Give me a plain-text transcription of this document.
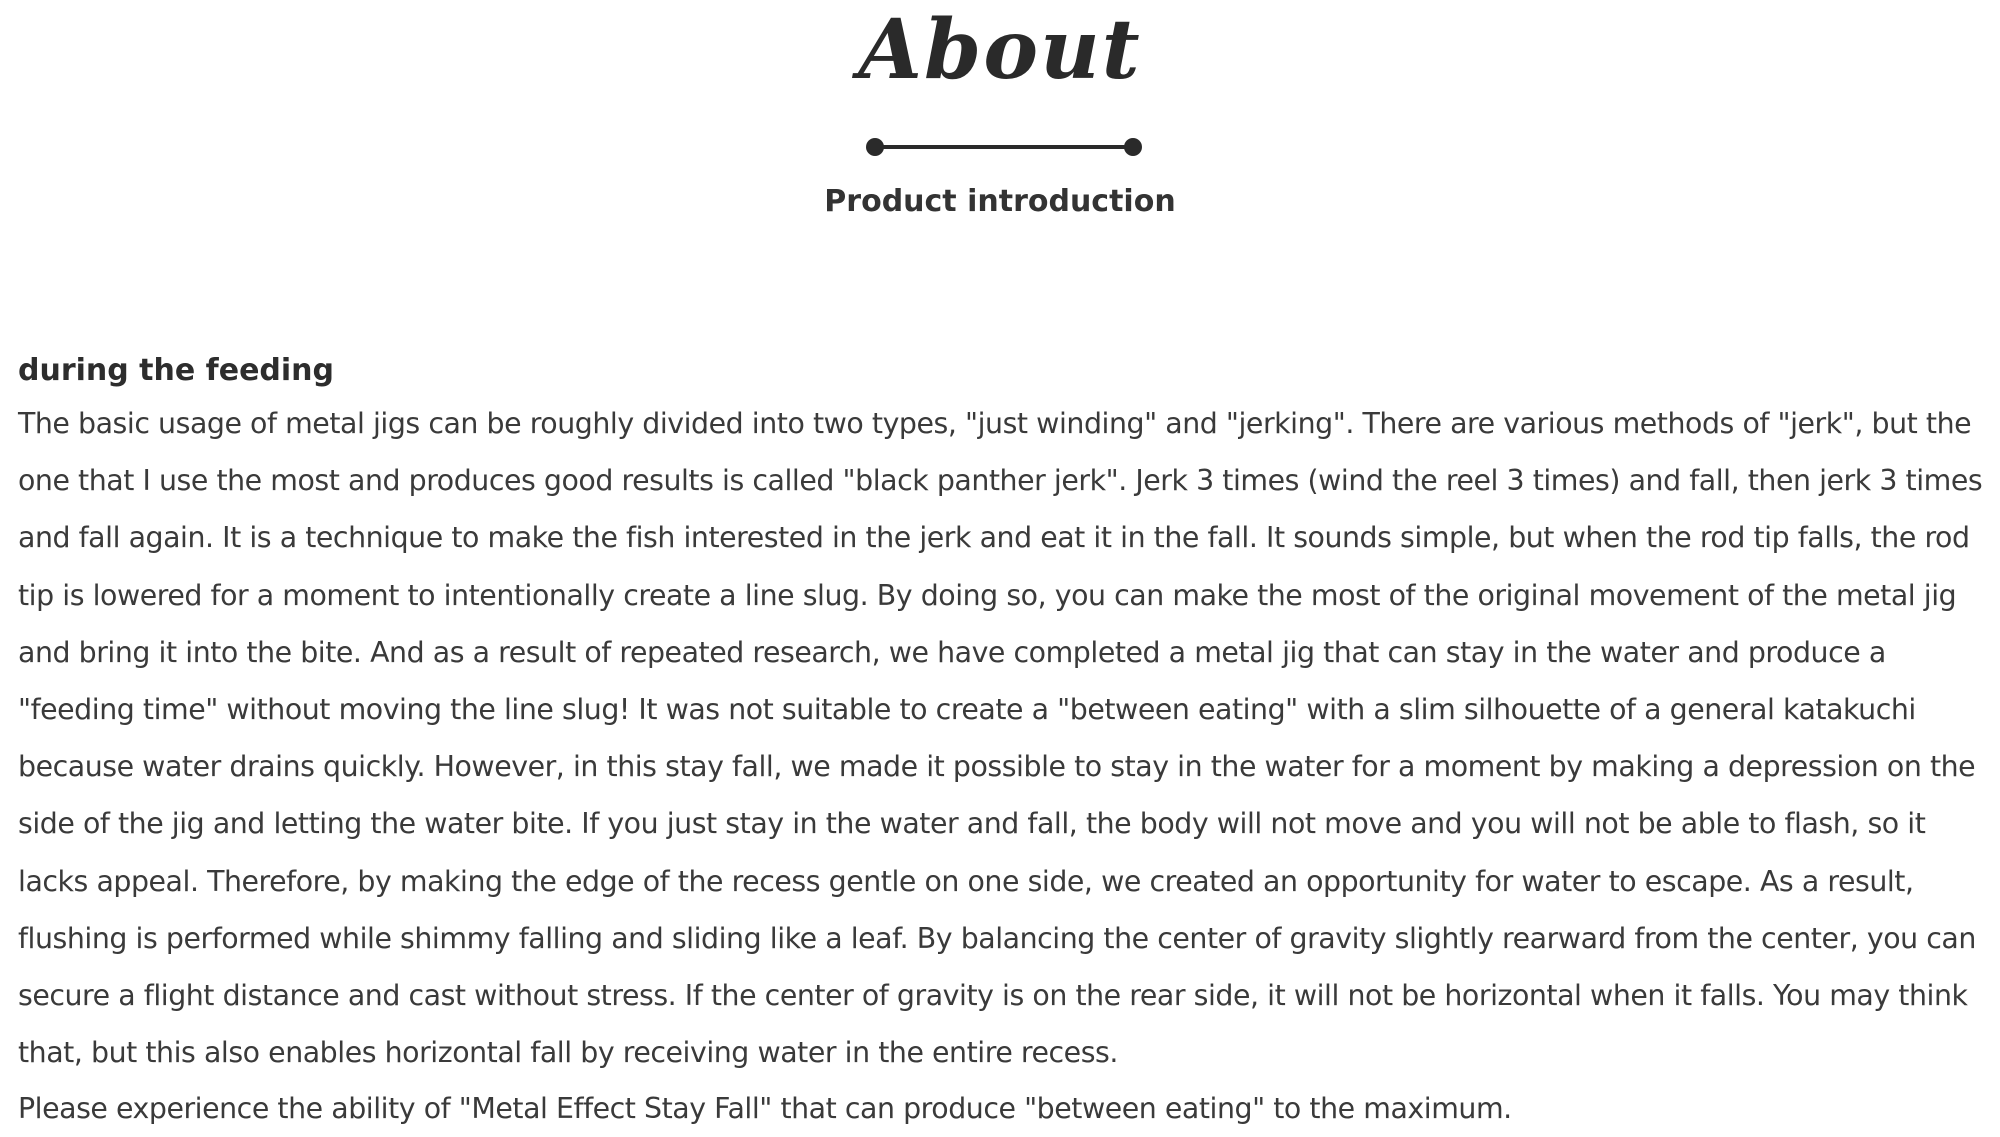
About
Product introduction
during the feeding

The basic usage of metal jigs can be roughly divided into two types, "just winding" and "jerking". There are various methods of "jerk", but the one that I use the most and produces good results is called "black panther jerk". Jerk 3 times (wind the reel 3 times) and fall, then jerk 3 times and fall again. It is a technique to make the fish interested in the jerk and eat it in the fall. It sounds simple, but when the rod tip falls, the rod tip is lowered for a moment to intentionally create a line slug. By doing so, you can make the most of the original movement of the metal jig and bring it into the bite. And as a result of repeated research, we have completed a metal jig that can stay in the water and produce a "feeding time" without moving the line slug! It was not suitable to create a "between eating" with a slim silhouette of a general katakuchi because water drains quickly. However, in this stay fall, we made it possible to stay in the water for a moment by making a depression on the side of the jig and letting the water bite. If you just stay in the water and fall, the body will not move and you will not be able to flash, so it lacks appeal. Therefore, by making the edge of the recess gentle on one side, we created an opportunity for water to escape. As a result, flushing is performed while shimmy falling and sliding like a leaf. By balancing the center of gravity slightly rearward from the center, you can secure a flight distance and cast without stress. If the center of gravity is on the rear side, it will not be horizontal when it falls. You may think that, but this also enables horizontal fall by receiving water in the entire recess.

Please experience the ability of "Metal Effect Stay Fall" that can produce "between eating" to the maximum.
